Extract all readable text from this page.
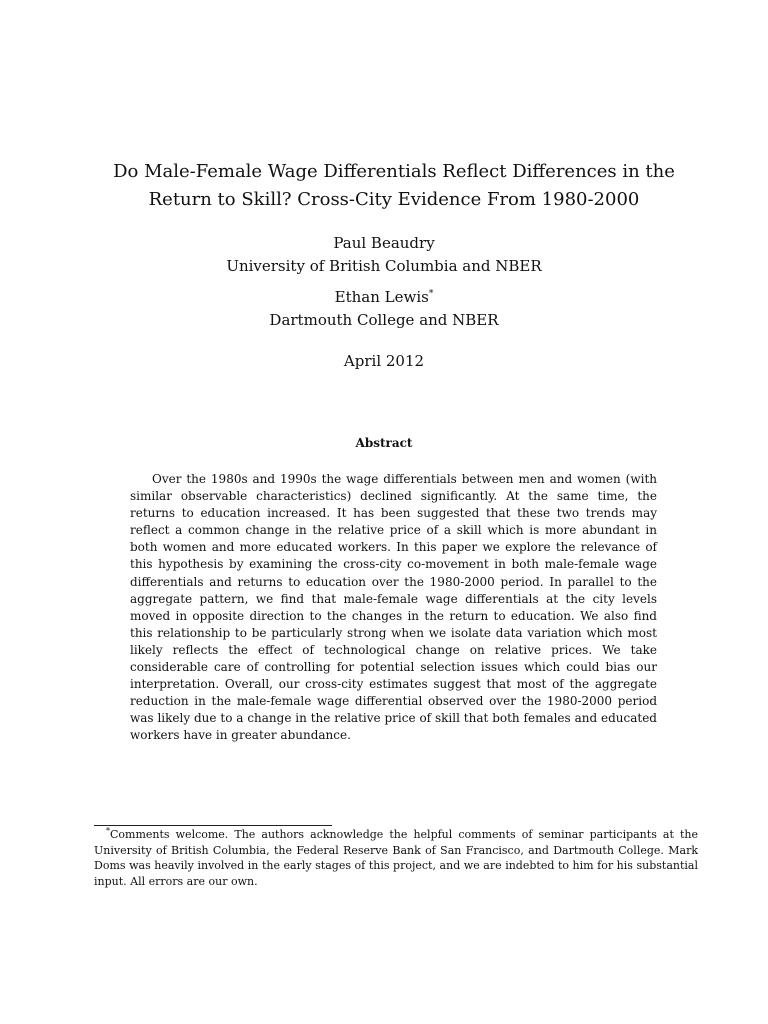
Do Male-Female Wage Differentials Reflect Differences in the Return to Skill? Cross-City Evidence From 1980-2000
Paul Beaudry
University of British Columbia and NBER
Ethan Lewis*
Dartmouth College and NBER
April 2012
Abstract

Over the 1980s and 1990s the wage differentials between men and women (with similar observable characteristics) declined significantly. At the same time, the returns to education increased. It has been suggested that these two trends may reflect a common change in the relative price of a skill which is more abundant in both women and more educated workers. In this paper we explore the relevance of this hypothesis by examining the cross-city co-movement in both male-female wage differentials and returns to education over the 1980-2000 period. In parallel to the aggregate pattern, we find that male-female wage differentials at the city levels moved in opposite direction to the changes in the return to education. We also find this relationship to be particularly strong when we isolate data variation which most likely reflects the effect of technological change on relative prices. We take considerable care of controlling for potential selection issues which could bias our interpretation. Overall, our cross-city estimates suggest that most of the aggregate reduction in the male-female wage differential observed over the 1980-2000 period was likely due to a change in the relative price of skill that both females and educated workers have in greater abundance.

*Comments welcome. The authors acknowledge the helpful comments of seminar participants at the University of British Columbia, the Federal Reserve Bank of San Francisco, and Dartmouth College. Mark Doms was heavily involved in the early stages of this project, and we are indebted to him for his substantial input. All errors are our own.
